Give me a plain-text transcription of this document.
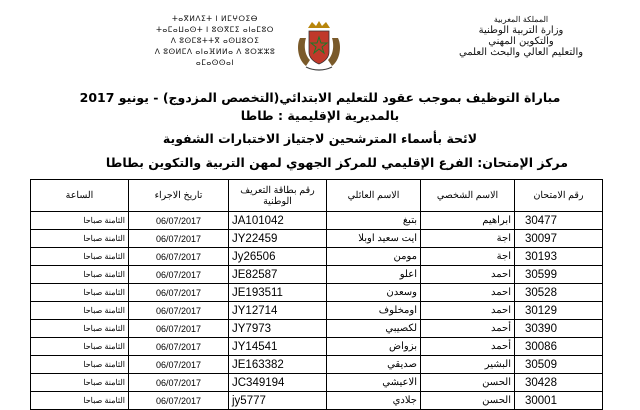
المملكة المغربية
وزارة التربية الوطنية
والتكوين المهني
والتعليم العالي والبحث العلمي
ⵜⴰⴳⵍⴷⵉⵜ ⵏ ⵍⵎⵖⵔⵉⴱ
ⵜⴰⵎⴰⵡⴰⵙⵜ ⵏ ⵓⵙⴳⵎⵉ ⴰⵏⴰⵎⵓⵔ
ⴷ ⵓⵙⵎⵓⵜⵜⴳ ⴰⵙⵡⵓⵔⵉ
ⴷ ⵓⵙⵍⵎⴷ ⴰⵏⴰⴼⵍⵍⴰ ⴷ ⵓⵔⵣⵣⵓ ⴰⵎⴰⵙⵙⴰⵏ
مباراة التوظيف بموجب عقود للتعليم الابتدائي(التخصص المزدوج) - يونيو 2017
بالمديرية الإقليمية : طاطا
لائحة بأسماء المترشحين لاجتياز الاختبارات الشفوية
مركز الإمتحان: الفرع الإقليمي للمركز الجهوي لمهن التربية والتكوين بطاطا
رقم الامتحان	الاسم الشخصي	الاسم العائلي	رقم بطاقة التعريف الوطنية	تاريخ الاجراء	الساعة
30477	ابراهيم	بتبغ	JA101042	06/07/2017	الثامنة صباحا
30097	اجة	ايت سعيد اوبلا	JY22459	06/07/2017	الثامنة صباحا
30193	اجة	مومن	Jy26506	06/07/2017	الثامنة صباحا
30599	احمد	اعلو	JE82587	06/07/2017	الثامنة صباحا
30528	احمد	وسعدن	JE193511	06/07/2017	الثامنة صباحا
30129	احمد	اومخلوف	JY12714	06/07/2017	الثامنة صباحا
30390	أحمد	لكصيبي	JY7973	06/07/2017	الثامنة صباحا
30086	أحمد	بزواض	JY14541	06/07/2017	الثامنة صباحا
30509	البشير	صديقي	JE163382	06/07/2017	الثامنة صباحا
30428	الحسن	الاعيشي	JC349194	06/07/2017	الثامنة صباحا
30001	الحسن	جلادي	jy5777	06/07/2017	الثامنة صباحا
